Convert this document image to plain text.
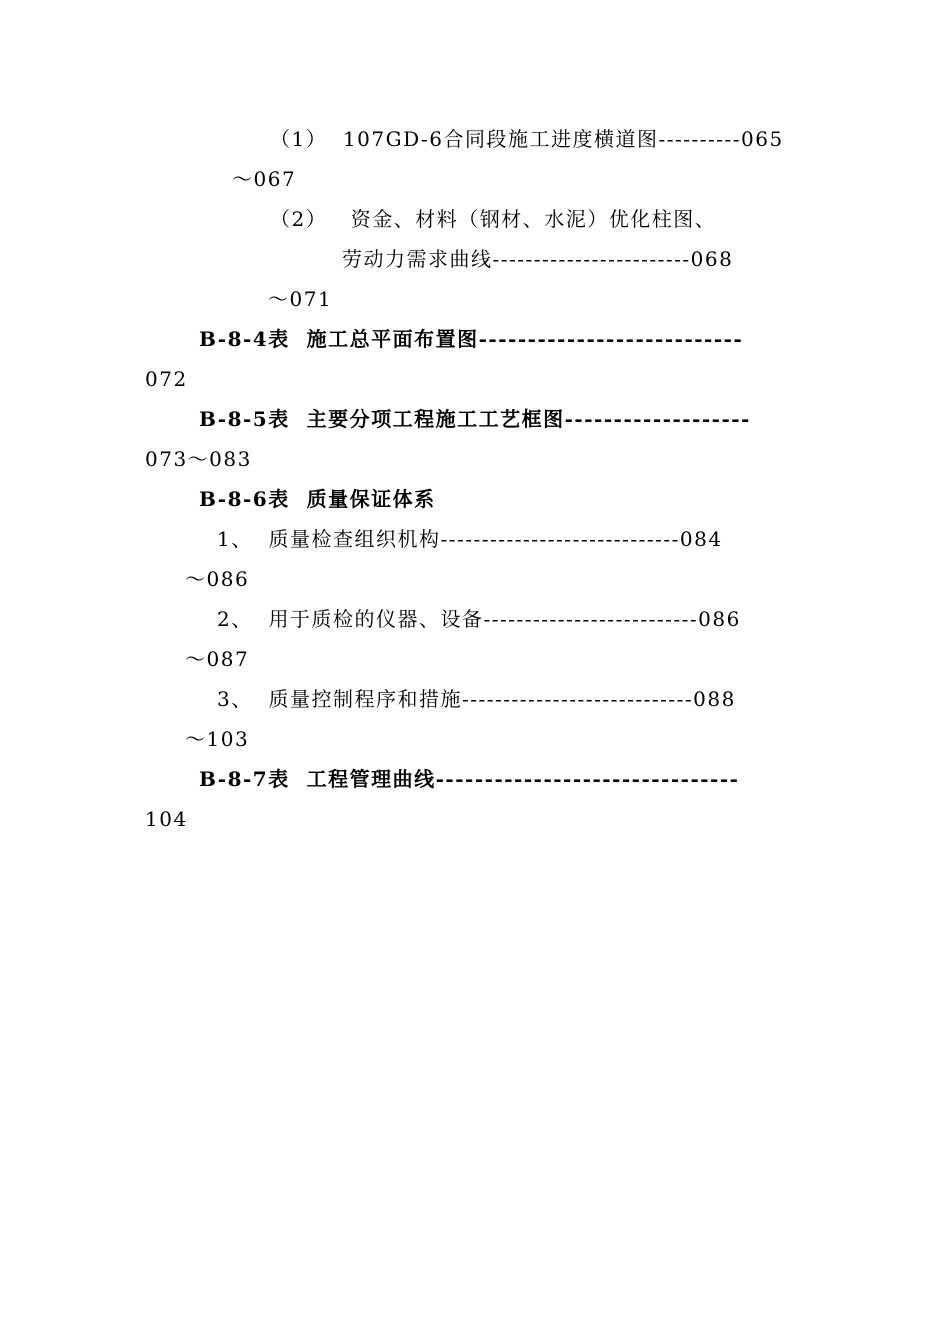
（1）  107GD-6合同段施工进度横道图----------065
～067
（2）   资金、材料（钢材、水泥）优化柱图、
劳动力需求曲线------------------------068
～071
B-8-4表  施工总平面布置图---------------------------
072
B-8-5表  主要分项工程施工工艺框图-------------------
073～083
B-8-6表  质量保证体系
1、  质量检查组织机构-----------------------------084
～086
2、  用于质检的仪器、设备--------------------------086
～087
3、  质量控制程序和措施----------------------------088
～103
B-8-7表  工程管理曲线-------------------------------
104
